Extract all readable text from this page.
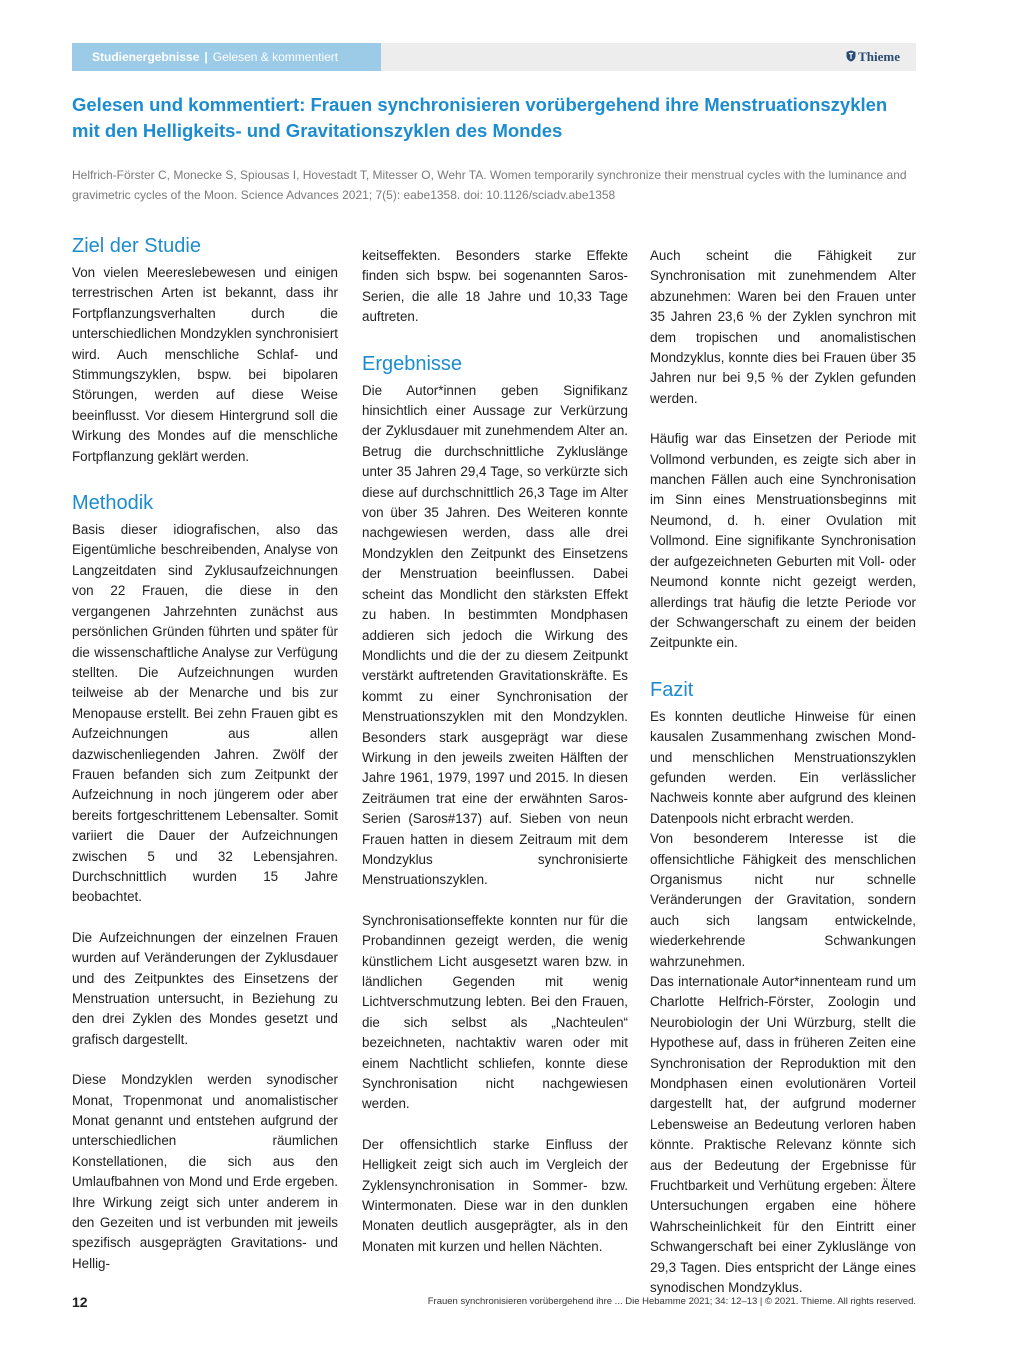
Studienergebnisse | Gelesen & kommentiert	Thieme
Gelesen und kommentiert: Frauen synchronisieren vorübergehend ihre Menstruationszyklen mit den Helligkeits- und Gravitationszyklen des Mondes

Helfrich-Förster C, Monecke S, Spiousas I, Hovestadt T, Mitesser O, Wehr TA. Women temporarily synchronize their menstrual cycles with the luminance and gravimetric cycles of the Moon. Science Advances 2021; 7(5): eabe1358. doi: 10.1126/sciadv.abe1358

Ziel der Studie

Von vielen Meereslebewesen und einigen terrestrischen Arten ist bekannt, dass ihr Fortpflanzungsverhalten durch die unterschiedlichen Mondzyklen synchronisiert wird. Auch menschliche Schlaf- und Stimmungszyklen, bspw. bei bipolaren Störungen, werden auf diese Weise beeinflusst. Vor diesem Hintergrund soll die Wirkung des Mondes auf die menschliche Fortpflanzung geklärt werden.

Methodik

Basis dieser idiografischen, also das Eigentümliche beschreibenden, Analyse von Langzeitdaten sind Zyklusaufzeichnungen von 22 Frauen, die diese in den vergangenen Jahrzehnten zunächst aus persönlichen Gründen führten und später für die wissenschaftliche Analyse zur Verfügung stellten. Die Aufzeichnungen wurden teilweise ab der Menarche und bis zur Menopause erstellt. Bei zehn Frauen gibt es Aufzeichnungen aus allen dazwischenliegenden Jahren. Zwölf der Frauen befanden sich zum Zeitpunkt der Aufzeichnung in noch jüngerem oder aber bereits fortgeschrittenem Lebensalter. Somit variiert die Dauer der Aufzeichnungen zwischen 5 und 32 Lebensjahren. Durchschnittlich wurden 15 Jahre beobachtet.

Die Aufzeichnungen der einzelnen Frauen wurden auf Veränderungen der Zyklusdauer und des Zeitpunktes des Einsetzens der Menstruation untersucht, in Beziehung zu den drei Zyklen des Mondes gesetzt und grafisch dargestellt.

Diese Mondzyklen werden synodischer Monat, Tropenmonat und anomalistischer Monat genannt und entstehen aufgrund der unterschiedlichen räumlichen Konstellationen, die sich aus den Umlaufbahnen von Mond und Erde ergeben. Ihre Wirkung zeigt sich unter anderem in den Gezeiten und ist verbunden mit jeweils spezifisch ausgeprägten Gravitations- und Hellig-

keitseffekten. Besonders starke Effekte finden sich bspw. bei sogenannten Saros-Serien, die alle 18 Jahre und 10,33 Tage auftreten.

Ergebnisse

Die Autor*innen geben Signifikanz hinsichtlich einer Aussage zur Verkürzung der Zyklusdauer mit zunehmendem Alter an. Betrug die durchschnittliche Zykluslänge unter 35 Jahren 29,4 Tage, so verkürzte sich diese auf durchschnittlich 26,3 Tage im Alter von über 35 Jahren. Des Weiteren konnte nachgewiesen werden, dass alle drei Mondzyklen den Zeitpunkt des Einsetzens der Menstruation beeinflussen. Dabei scheint das Mondlicht den stärksten Effekt zu haben. In bestimmten Mondphasen addieren sich jedoch die Wirkung des Mondlichts und die der zu diesem Zeitpunkt verstärkt auftretenden Gravitationskräfte. Es kommt zu einer Synchronisation der Menstruationszyklen mit den Mondzyklen. Besonders stark ausgeprägt war diese Wirkung in den jeweils zweiten Hälften der Jahre 1961, 1979, 1997 und 2015. In diesen Zeiträumen trat eine der erwähnten Saros-Serien (Saros#137) auf. Sieben von neun Frauen hatten in diesem Zeitraum mit dem Mondzyklus synchronisierte Menstruationszyklen.

Synchronisationseffekte konnten nur für die Probandinnen gezeigt werden, die wenig künstlichem Licht ausgesetzt waren bzw. in ländlichen Gegenden mit wenig Lichtverschmutzung lebten. Bei den Frauen, die sich selbst als „Nachteulen“ bezeichneten, nachtaktiv waren oder mit einem Nachtlicht schliefen, konnte diese Synchronisation nicht nachgewiesen werden.

Der offensichtlich starke Einfluss der Helligkeit zeigt sich auch im Vergleich der Zyklensynchronisation in Sommer- bzw. Wintermonaten. Diese war in den dunklen Monaten deutlich ausgeprägter, als in den Monaten mit kurzen und hellen Nächten.

Auch scheint die Fähigkeit zur Synchronisation mit zunehmendem Alter abzunehmen: Waren bei den Frauen unter 35 Jahren 23,6 % der Zyklen synchron mit dem tropischen und anomalistischen Mondzyklus, konnte dies bei Frauen über 35 Jahren nur bei 9,5 % der Zyklen gefunden werden.

Häufig war das Einsetzen der Periode mit Vollmond verbunden, es zeigte sich aber in manchen Fällen auch eine Synchronisation im Sinn eines Menstruationsbeginns mit Neumond, d. h. einer Ovulation mit Vollmond. Eine signifikante Synchronisation der aufgezeichneten Geburten mit Voll- oder Neumond konnte nicht gezeigt werden, allerdings trat häufig die letzte Periode vor der Schwangerschaft zu einem der beiden Zeitpunkte ein.

Fazit

Es konnten deutliche Hinweise für einen kausalen Zusammenhang zwischen Mond- und menschlichen Menstruationszyklen gefunden werden. Ein verlässlicher Nachweis konnte aber aufgrund des kleinen Datenpools nicht erbracht werden.

Von besonderem Interesse ist die offensichtliche Fähigkeit des menschlichen Organismus nicht nur schnelle Veränderungen der Gravitation, sondern auch sich langsam entwickelnde, wiederkehrende Schwankungen wahrzunehmen.

Das internationale Autor*innenteam rund um Charlotte Helfrich-Förster, Zoologin und Neurobiologin der Uni Würzburg, stellt die Hypothese auf, dass in früheren Zeiten eine Synchronisation der Reproduktion mit den Mondphasen einen evolutionären Vorteil dargestellt hat, der aufgrund moderner Lebensweise an Bedeutung verloren haben könnte. Praktische Relevanz könnte sich aus der Bedeutung der Ergebnisse für Fruchtbarkeit und Verhütung ergeben: Ältere Untersuchungen ergaben eine höhere Wahrscheinlichkeit für den Eintritt einer Schwangerschaft bei einer Zykluslänge von 29,3 Tagen. Dies entspricht der Länge eines synodischen Mondzyklus.

12	Frauen synchronisieren vorübergehend ihre ... Die Hebamme 2021; 34: 12–13 | © 2021. Thieme. All rights reserved.
